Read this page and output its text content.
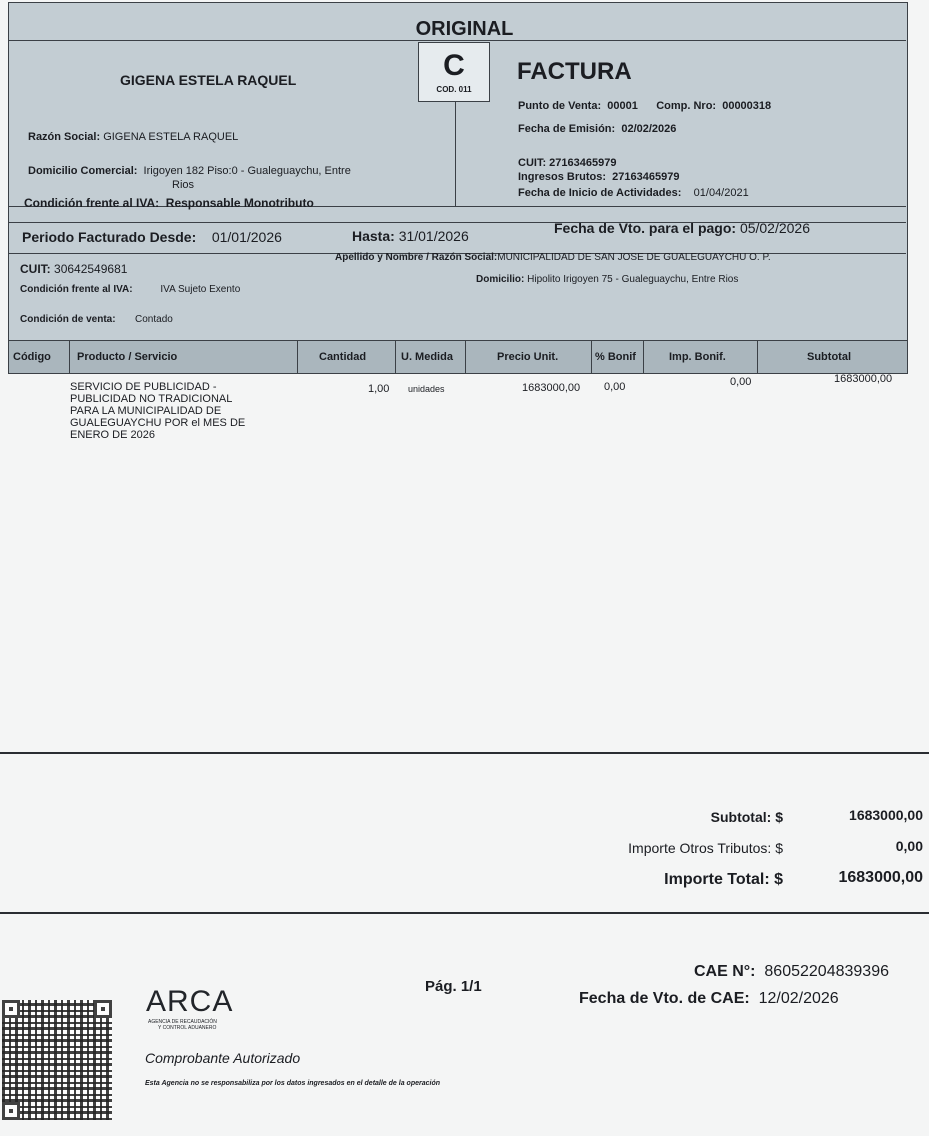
ORIGINAL
GIGENA ESTELA RAQUEL	C
COD. 011
FACTURA
Punto de Venta: 00001 Comp. Nro: 00000318
Fecha de Emisión: 02/02/2026
Razón Social: GIGENA ESTELA RAQUEL
Domicilio Comercial: Irigoyen 182 Piso:0 - Gualeguaychu, Entre
Rios
CUIT: 27163465979
Ingresos Brutos: 27163465979
Fecha de Inicio de Actividades: 01/04/2021
Condición frente al IVA: Responsable Monotributo
Periodo Facturado Desde: 01/01/2026	Hasta: 31/01/2026	Fecha de Vto. para el pago: 05/02/2026
CUIT: 30642549681
Apellido y Nombre / Razón Social:MUNICIPALIDAD DE SAN JOSE DE GUALEGUAYCHU O. P.
Condición frente al IVA:	IVA Sujeto Exento
Domicilio: Hipolito Irigoyen 75 - Gualeguaychu, Entre Rios
Condición de venta: Contado
Código Producto / Servicio	Cantidad	U. Medida	Precio Unit.	% Bonif	Imp. Bonif.	Subtotal
SERVICIO DE PUBLICIDAD -
PUBLICIDAD NO TRADICIONAL
PARA LA MUNICIPALIDAD DE
GUALEGUAYCHU POR el MES DE
ENERO DE 2026
1,00 unidades	1683000,00 0,00	0,00	1683000,00
Subtotal: $	1683000,00
Importe Otros Tributos: $	0,00
Importe Total: $	1683000,00
ARCA
AGENCIA DE RECAUDACIÓN
Y CONTROL ADUANERO
Pág. 1/1
CAE N°: 86052204839396
Fecha de Vto. de CAE: 12/02/2026
Comprobante Autorizado
Esta Agencia no se responsabiliza por los datos ingresados en el detalle de la operación
